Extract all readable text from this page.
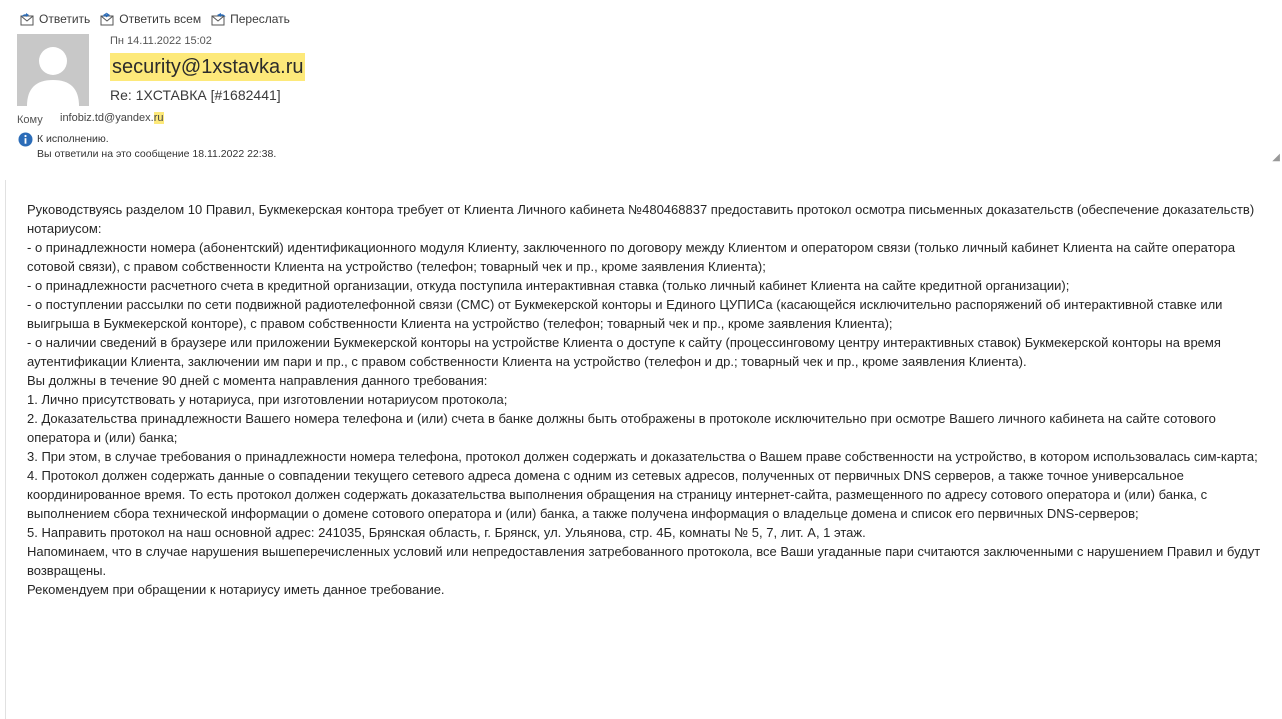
Ответить Ответить всем Переслать
Пн 14.11.2022 15:02
security@1xstavka.ru
Re: 1XСТАВКА [#1682441]
Кому infobiz.td@yandex.ru
К исполнению.
Вы ответили на это сообщение 18.11.2022 22:38.	◢

Руководствуясь разделом 10 Правил, Букмекерская контора требует от Клиента Личного кабинета №480468837 предоставить протокол осмотра письменных доказательств (обеспечение доказательств) нотариусом:

- о принадлежности номера (абонентский) идентификационного модуля Клиенту, заключенного по договору между Клиентом и оператором связи (только личный кабинет Клиента на сайте оператора сотовой связи), с правом собственности Клиента на устройство (телефон; товарный чек и пр., кроме заявления Клиента);

- о принадлежности расчетного счета в кредитной организации, откуда поступила интерактивная ставка (только личный кабинет Клиента на сайте кредитной организации);

- о поступлении рассылки по сети подвижной радиотелефонной связи (СМС) от Букмекерской конторы и Единого ЦУПИСа (касающейся исключительно распоряжений об интерактивной ставке или выигрыша в Букмекерской конторе), с правом собственности Клиента на устройство (телефон; товарный чек и пр., кроме заявления Клиента);

- о наличии сведений в браузере или приложении Букмекерской конторы на устройстве Клиента о доступе к сайту (процессинговому центру интерактивных ставок) Букмекерской конторы на время аутентификации Клиента, заключении им пари и пр., с правом собственности Клиента на устройство (телефон и др.; товарный чек и пр., кроме заявления Клиента).

Вы должны в течение 90 дней с момента направления данного требования:

1. Лично присутствовать у нотариуса, при изготовлении нотариусом протокола;

2. Доказательства принадлежности Вашего номера телефона и (или) счета в банке должны быть отображены в протоколе исключительно при осмотре Вашего личного кабинета на сайте сотового оператора и (или) банка;

3. При этом, в случае требования о принадлежности номера телефона, протокол должен содержать и доказательства о Вашем праве собственности на устройство, в котором использовалась сим-карта;

4. Протокол должен содержать данные о совпадении текущего сетевого адреса домена с одним из сетевых адресов, полученных от первичных DNS серверов, а также точное универсальное координированное время. То есть протокол должен содержать доказательства выполнения обращения на страницу интернет-сайта, размещенного по адресу сотового оператора и (или) банка, с выполнением сбора технической информации о домене сотового оператора и (или) банка, а также получена информация о владельце домена и список его первичных DNS-серверов;

5. Направить протокол на наш основной адрес: 241035, Брянская область, г. Брянск, ул. Ульянова, стр. 4Б, комнаты № 5, 7, лит. А, 1 этаж.

Напоминаем, что в случае нарушения вышеперечисленных условий или непредоставления затребованного протокола, все Ваши угаданные пари считаются заключенными с нарушением Правил и будут возвращены.

Рекомендуем при обращении к нотариусу иметь данное требование.
